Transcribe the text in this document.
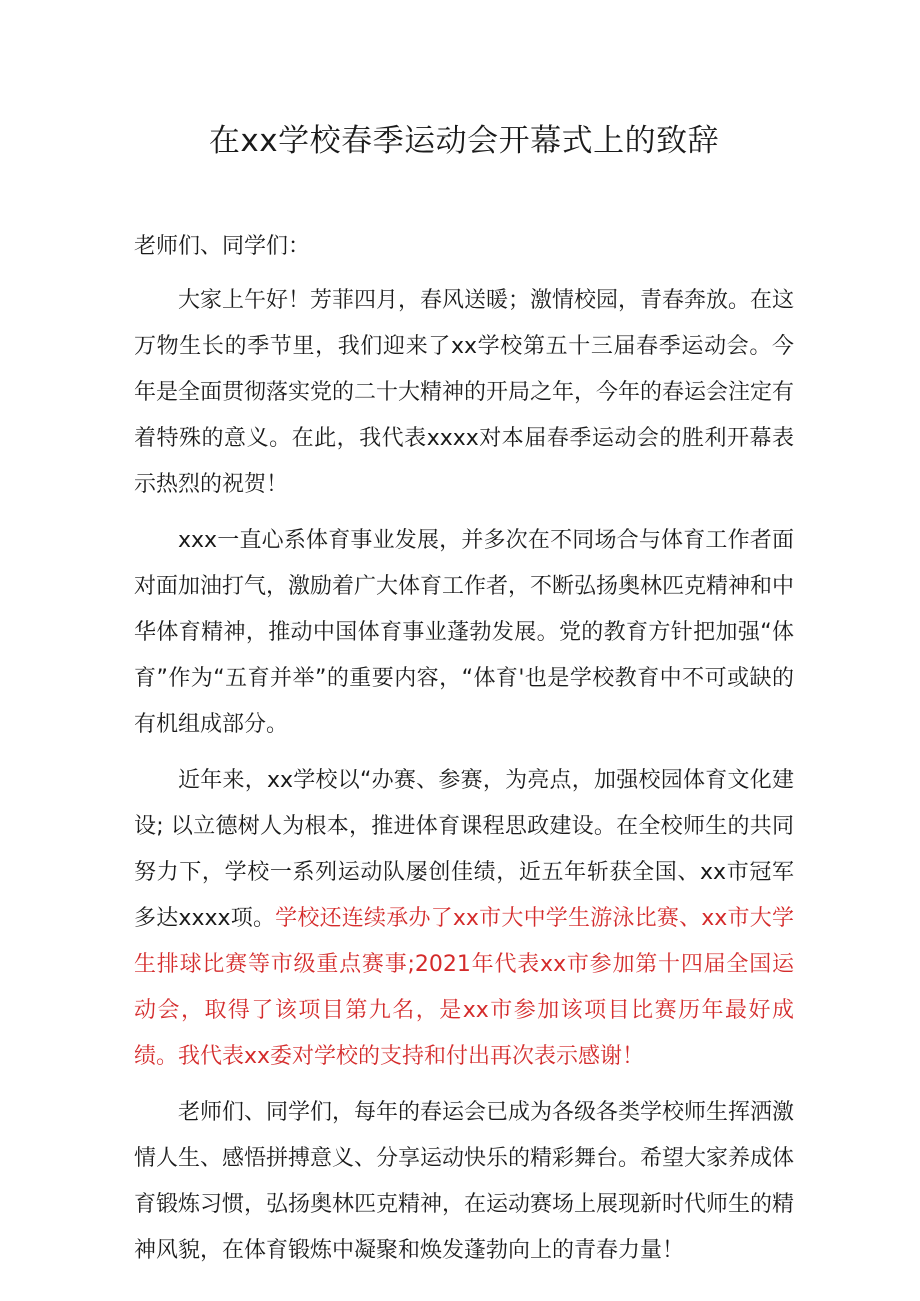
在xx学校春季运动会开幕式上的致辞

老师们、同学们：

大家上午好！芳菲四月，春风送暖；激情校园，青春奔放。在这万物生长的季节里，我们迎来了xx学校第五十三届春季运动会。今年是全面贯彻落实党的二十大精神的开局之年，今年的春运会注定有着特殊的意义。在此，我代表xxxx对本届春季运动会的胜利开幕表示热烈的祝贺！

xxx一直心系体育事业发展，并多次在不同场合与体育工作者面对面加油打气，激励着广大体育工作者，不断弘扬奥林匹克精神和中华体育精神，推动中国体育事业蓬勃发展。党的教育方针把加强“体育”作为“五育并举”的重要内容，“体育'也是学校教育中不可或缺的有机组成部分。

近年来，xx学校以“办赛、参赛，为亮点，加强校园体育文化建设; 以立德树人为根本，推进体育课程思政建设。在全校师生的共同努力下，学校一系列运动队屡创佳绩，近五年斩获全国、xx市冠军多达xxxx项。学校还连续承办了xx市大中学生游泳比赛、xx市大学生排球比赛等市级重点赛事;2021年代表xx市参加第十四届全国运动会，取得了该项目第九名，是xx市参加该项目比赛历年最好成绩。我代表xx委对学校的支持和付出再次表示感谢！

老师们、同学们，每年的春运会已成为各级各类学校师生挥洒激情人生、感悟拼搏意义、分享运动快乐的精彩舞台。希望大家养成体育锻炼习惯，弘扬奥林匹克精神，在运动赛场上展现新时代师生的精神风貌，在体育锻炼中凝聚和焕发蓬勃向上的青春力量！
